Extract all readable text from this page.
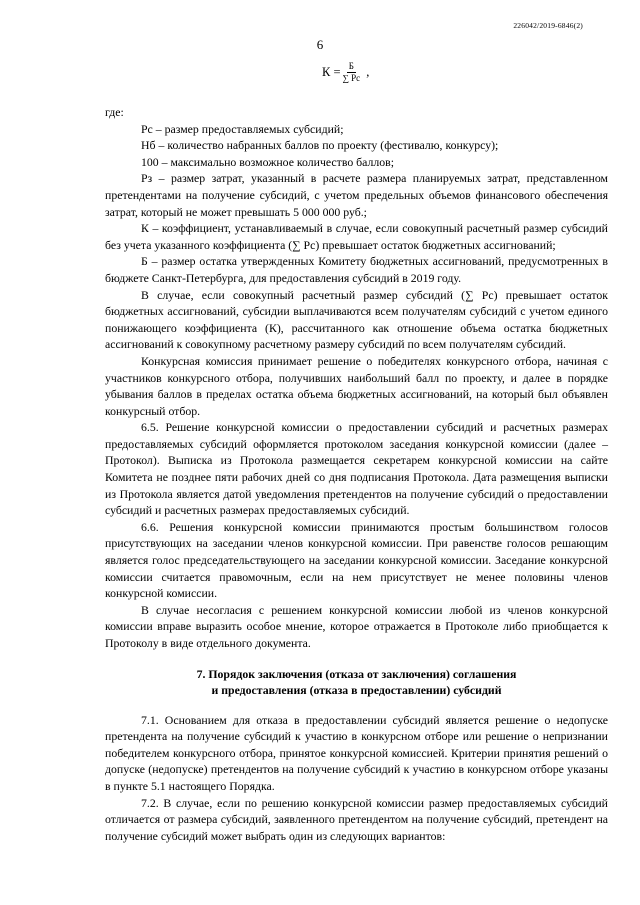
226042/2019-6846(2)
6
$К = \frac{Б}{\sum Рс}$ ,

где:

Рс – размер предоставляемых субсидий;

Нб – количество набранных баллов по проекту (фестивалю, конкурсу);

100 – максимально возможное количество баллов;

Рз – размер затрат, указанный в расчете размера планируемых затрат, представленном претендентами на получение субсидий, с учетом предельных объемов финансового обеспечения затрат, который не может превышать 5 000 000 руб.;

К – коэффициент, устанавливаемый в случае, если совокупный расчетный размер субсидий без учета указанного коэффициента (∑ Рс) превышает остаток бюджетных ассигнований;

Б – размер остатка утвержденных Комитету бюджетных ассигнований, предусмотренных в бюджете Санкт-Петербурга, для предоставления субсидий в 2019 году.

В случае, если совокупный расчетный размер субсидий (∑ Рс) превышает остаток бюджетных ассигнований, субсидии выплачиваются всем получателям субсидий с учетом единого понижающего коэффициента (К), рассчитанного как отношение объема остатка бюджетных ассигнований к совокупному расчетному размеру субсидий по всем получателям субсидий.

Конкурсная комиссия принимает решение о победителях конкурсного отбора, начиная с участников конкурсного отбора, получивших наибольший балл по проекту, и далее в порядке убывания баллов в пределах остатка объема бюджетных ассигнований, на который был объявлен конкурсный отбор.

6.5. Решение конкурсной комиссии о предоставлении субсидий и расчетных размерах предоставляемых субсидий оформляется протоколом заседания конкурсной комиссии (далее – Протокол). Выписка из Протокола размещается секретарем конкурсной комиссии на сайте Комитета не позднее пяти рабочих дней со дня подписания Протокола. Дата размещения выписки из Протокола является датой уведомления претендентов на получение субсидий о предоставлении субсидий и расчетных размерах предоставляемых субсидий.

6.6. Решения конкурсной комиссии принимаются простым большинством голосов присутствующих на заседании членов конкурсной комиссии. При равенстве голосов решающим является голос председательствующего на заседании конкурсной комиссии. Заседание конкурсной комиссии считается правомочным, если на нем присутствует не менее половины членов конкурсной комиссии.

В случае несогласия с решением конкурсной комиссии любой из членов конкурсной комиссии вправе выразить особое мнение, которое отражается в Протоколе либо приобщается к Протоколу в виде отдельного документа.

7. Порядок заключения (отказа от заключения) соглашения
и предоставления (отказа в предоставлении) субсидий

7.1. Основанием для отказа в предоставлении субсидий является решение о недопуске претендента на получение субсидий к участию в конкурсном отборе или решение о непризнании победителем конкурсного отбора, принятое конкурсной комиссией. Критерии принятия решений о допуске (недопуске) претендентов на получение субсидий к участию в конкурсном отборе указаны в пункте 5.1 настоящего Порядка.

7.2. В случае, если по решению конкурсной комиссии размер предоставляемых субсидий отличается от размера субсидий, заявленного претендентом на получение субсидий, претендент на получение субсидий может выбрать один из следующих вариантов:
